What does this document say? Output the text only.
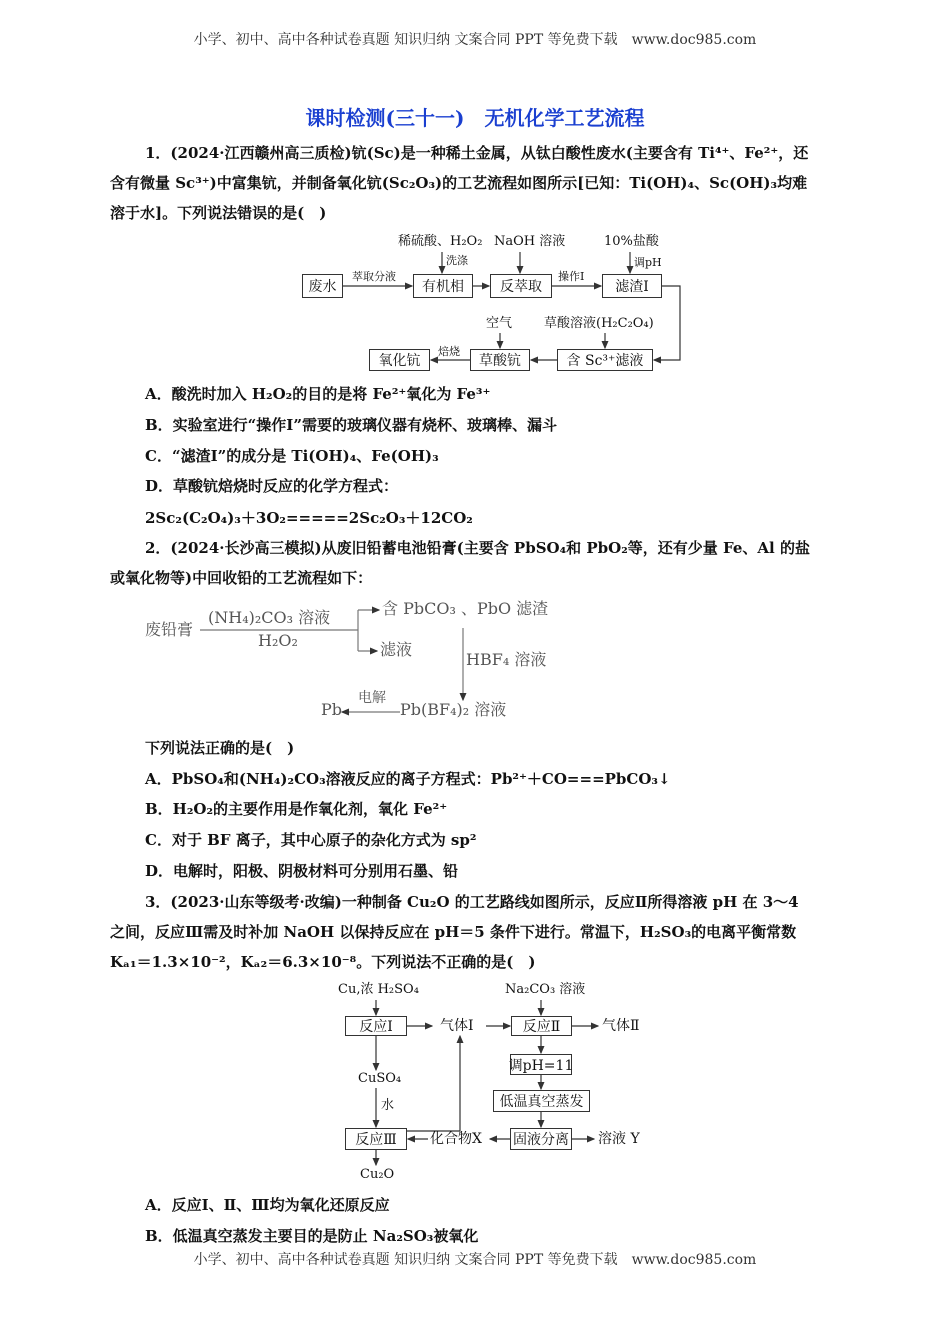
小学、初中、高中各种试卷真题 知识归纳 文案合同 PPT 等免费下载　www.doc985.com
课时检测(三十一)　无机化学工艺流程
1．(2024·江西赣州高三质检)钪(Sc)是一种稀土金属，从钛白酸性废水(主要含有 Ti⁴⁺、Fe²⁺，还
含有微量 Sc³⁺)中富集钪，并制备氧化钪(Sc₂O₃)的工艺流程如图所示[已知：Ti(OH)₄、Sc(OH)₃均难
溶于水]。下列说法错误的是(　)
废水	有机相	反萃取	滤渣Ⅰ
氧化钪	草酸钪	含 Sc³⁺滤液
稀硫酸、H₂O₂ NaOH 溶液	10%盐酸
洗涤	调pH
萃取分液	操作Ⅰ
空气 草酸溶液(H₂C₂O₄)
焙烧
A．酸洗时加入 H₂O₂的目的是将 Fe²⁺氧化为 Fe³⁺
B．实验室进行“操作Ⅰ”需要的玻璃仪器有烧杯、玻璃棒、漏斗
C．“滤渣Ⅰ”的成分是 Ti(OH)₄、Fe(OH)₃
D．草酸钪焙烧时反应的化学方程式：
2Sc₂(C₂O₄)₃＋3O₂=====2Sc₂O₃＋12CO₂
2．(2024·长沙高三模拟)从废旧铅蓄电池铅膏(主要含 PbSO₄和 PbO₂等，还有少量 Fe、Al 的盐
或氧化物等)中回收铅的工艺流程如下：
废铅膏
(NH₄)₂CO₃ 溶液
H₂O₂
含 PbCO₃ 、PbO 滤渣
滤液
HBF₄ 溶液
Pb(BF₄)₂ 溶液
Pb
电解
下列说法正确的是(　)
A．PbSO₄和(NH₄)₂CO₃溶液反应的离子方程式：Pb²⁺＋CO===PbCO₃↓
B．H₂O₂的主要作用是作氧化剂，氧化 Fe²⁺
C．对于 BF 离子，其中心原子的杂化方式为 sp²
D．电解时，阳极、阴极材料可分别用石墨、铅
3．(2023·山东等级考·改编)一种制备 Cu₂O 的工艺路线如图所示，反应Ⅱ所得溶液 pH 在 3～4
之间，反应Ⅲ需及时补加 NaOH 以保持反应在 pH＝5 条件下进行。常温下，H₂SO₃的电离平衡常数
Kₐ₁＝1.3×10⁻²，Kₐ₂＝6.3×10⁻⁸。下列说法不正确的是(　)
反应Ⅰ	反应Ⅱ
调pH=11
低温真空蒸发
固液分离
反应Ⅲ
Cu,浓 H₂SO₄
气体Ⅰ
Na₂CO₃ 溶液
气体Ⅱ
CuSO₄
水
化合物X	溶液 Y
Cu₂O
A．反应Ⅰ、Ⅱ、Ⅲ均为氧化还原反应
B．低温真空蒸发主要目的是防止 Na₂SO₃被氧化
小学、初中、高中各种试卷真题 知识归纳 文案合同 PPT 等免费下载　www.doc985.com
